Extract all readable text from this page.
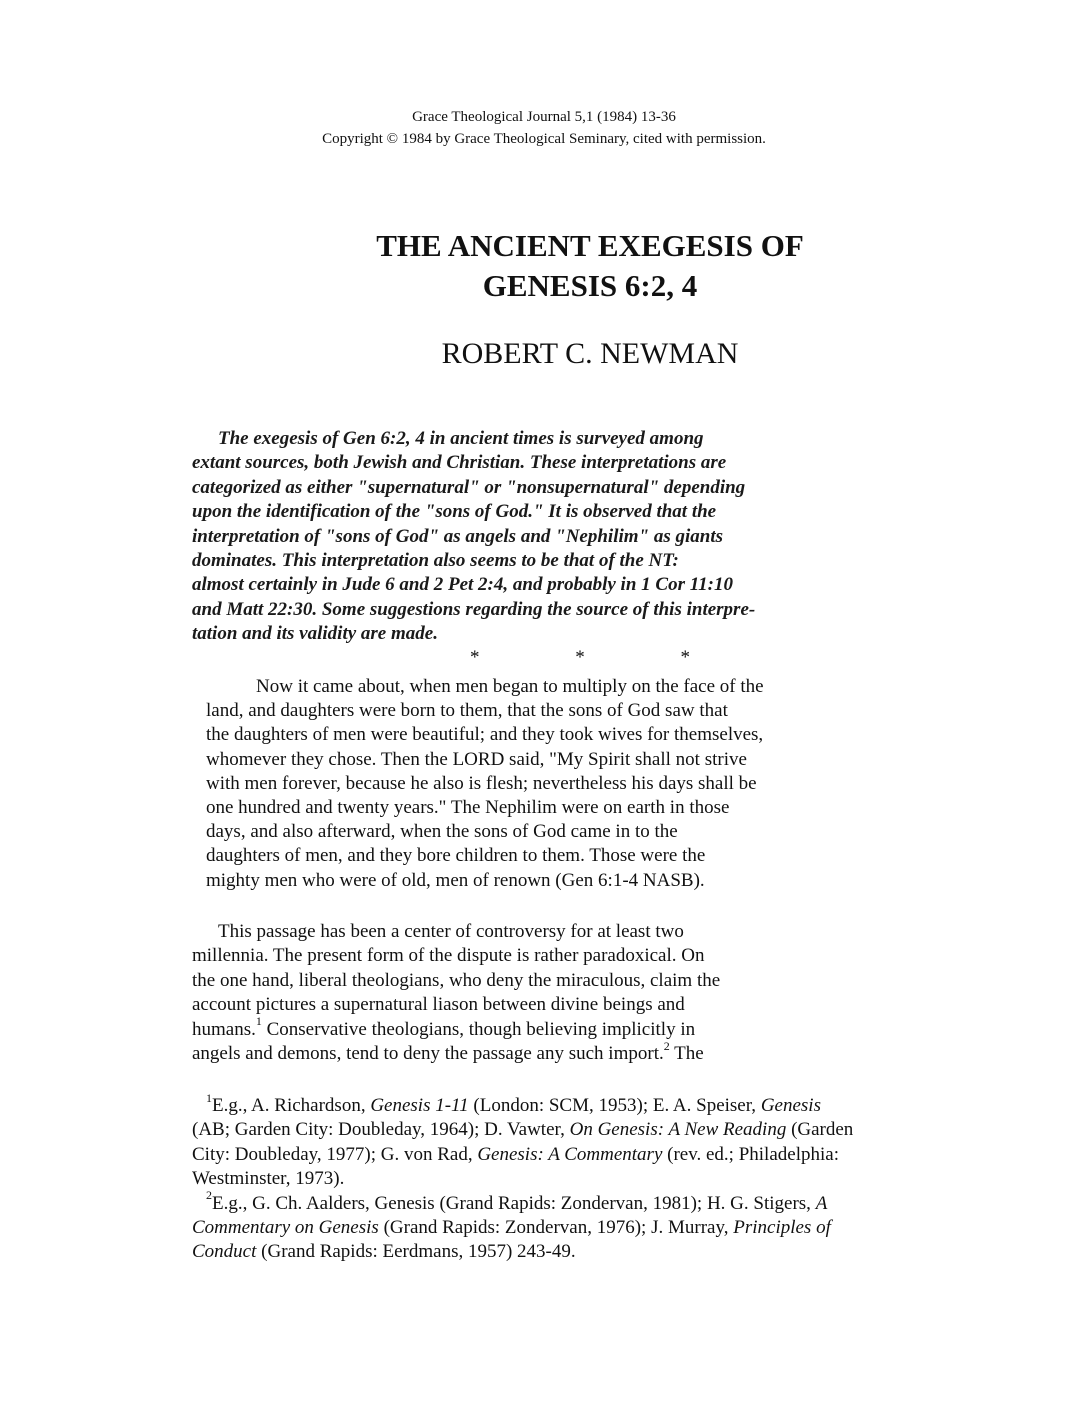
Grace Theological Journal 5,1 (1984) 13-36
Copyright © 1984 by Grace Theological Seminary, cited with permission.
THE ANCIENT EXEGESIS OF
GENESIS 6:2, 4
ROBERT C. NEWMAN
The exegesis of Gen 6:2, 4 in ancient times is surveyed among
extant sources, both Jewish and Christian. These interpretations are
categorized as either "supernatural" or "nonsupernatural" depending
upon the identification of the "sons of God." It is observed that the
interpretation of "sons of God" as angels and "Nephilim" as giants
dominates. This interpretation also seems to be that of the NT:
almost certainly in Jude 6 and 2 Pet 2:4, and probably in 1 Cor 11:10
and Matt 22:30. Some suggestions regarding the source of this interpre-
tation and its validity are made.
*	*	*
Now it came about, when men began to multiply on the face of the
land, and daughters were born to them, that the sons of God saw that
the daughters of men were beautiful; and they took wives for themselves,
whomever they chose. Then the LORD said, "My Spirit shall not strive
with men forever, because he also is flesh; nevertheless his days shall be
one hundred and twenty years." The Nephilim were on earth in those
days, and also afterward, when the sons of God came in to the
daughters of men, and they bore children to them. Those were the
mighty men who were of old, men of renown (Gen 6:1-4 NASB).
This passage has been a center of controversy for at least two
millennia. The present form of the dispute is rather paradoxical. On
the one hand, liberal theologians, who deny the miraculous, claim the
account pictures a supernatural liason between divine beings and
humans.$^1$ Conservative theologians, though believing implicitly in
angels and demons, tend to deny the passage any such import.$^2$ The
$^1$E.g., A. Richardson, Genesis 1-11 (London: SCM, 1953); E. A. Speiser, Genesis
(AB; Garden City: Doubleday, 1964); D. Vawter, On Genesis: A New Reading (Garden
City: Doubleday, 1977); G. von Rad, Genesis: A Commentary (rev. ed.; Philadelphia:
Westminster, 1973).
$^2$E.g., G. Ch. Aalders, Genesis (Grand Rapids: Zondervan, 1981); H. G. Stigers, A
Commentary on Genesis (Grand Rapids: Zondervan, 1976); J. Murray, Principles of
Conduct (Grand Rapids: Eerdmans, 1957) 243-49.
